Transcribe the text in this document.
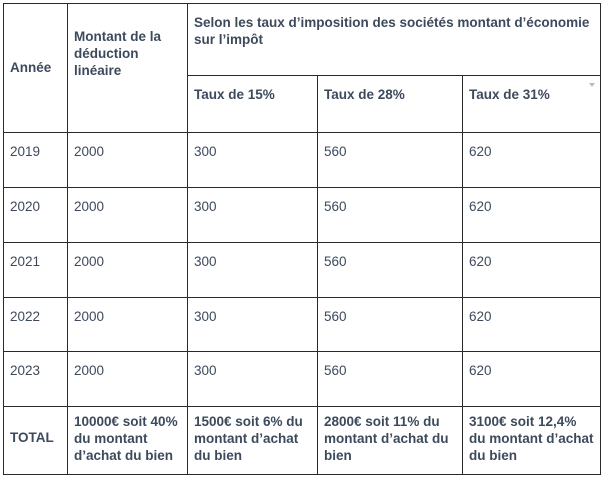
Année	Montant de la déduction linéaire	Selon les taux d’imposition des sociétés montant d’économie sur l’impôt		
		Taux de 15%	Taux de 28%	Taux de 31%

2019	2000	300	560	620
2020	2000	300	560	620
2021	2000	300	560	620
2022	2000	300	560	620
2023	2000	300	560	620
TOTAL	10000€ soit 40% du montant d’achat du bien	1500€ soit 6% du montant d’achat du bien	2800€ soit 11% du montant d’achat du bien	3100€ soit 12,4% du montant d’achat du bien
